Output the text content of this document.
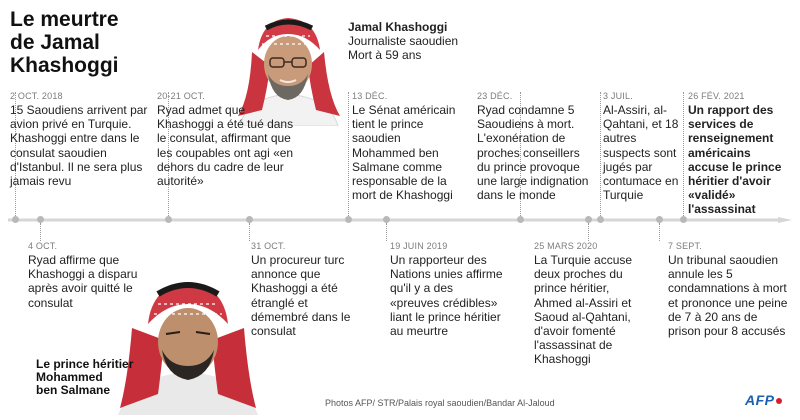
Le meurtre
de Jamal
Khashoggi
Jamal Khashoggi
Journaliste saoudien
Mort à 59 ans
Le prince héritier
Mohammed
ben Salmane
2 OCT. 2018
15 Saoudiens arrivent par avion privé en Turquie. Khashoggi entre dans le consulat saoudien d'Istanbul. Il ne sera plus jamais revu
20-21 OCT.
Ryad admet que Khashoggi a été tué dans le consulat, affirmant que les coupables ont agi «en dehors du cadre de leur autorité»
13 DÉC.
Le Sénat américain tient le prince saoudien Mohammed ben Salmane comme responsable de la mort de Khashoggi
23 DÉC.
Ryad condamne 5 Saoudiens à mort. L'exonération de proches conseillers du prince provoque une large indignation dans le monde
3 JUIL.
Al-Assiri, al-Qahtani, et 18 autres suspects sont jugés par contumace en Turquie
26 FÉV. 2021
Un rapport des services de renseignement américains accuse le prince héritier d'avoir «validé» l'assassinat
4 OCT.
Ryad affirme que Khashoggi a disparu après avoir quitté le consulat
31 OCT.
Un procureur turc annonce que Khashoggi a été étranglé et démembré dans le consulat
19 JUIN 2019
Un rapporteur des Nations unies affirme qu'il y a des «preuves crédibles» liant le prince héritier au meurtre
25 MARS 2020
La Turquie accuse deux proches du prince héritier, Ahmed al-Assiri et Saoud al-Qahtani, d'avoir fomenté l'assassinat de Khashoggi
7 SEPT.
Un tribunal saoudien annule les 5 condamnations à mort et prononce une peine de 7 à 20 ans de prison pour 8 accusés
Photos AFP/ STR/Palais royal saoudien/Bandar Al-Jaloud	AFP
